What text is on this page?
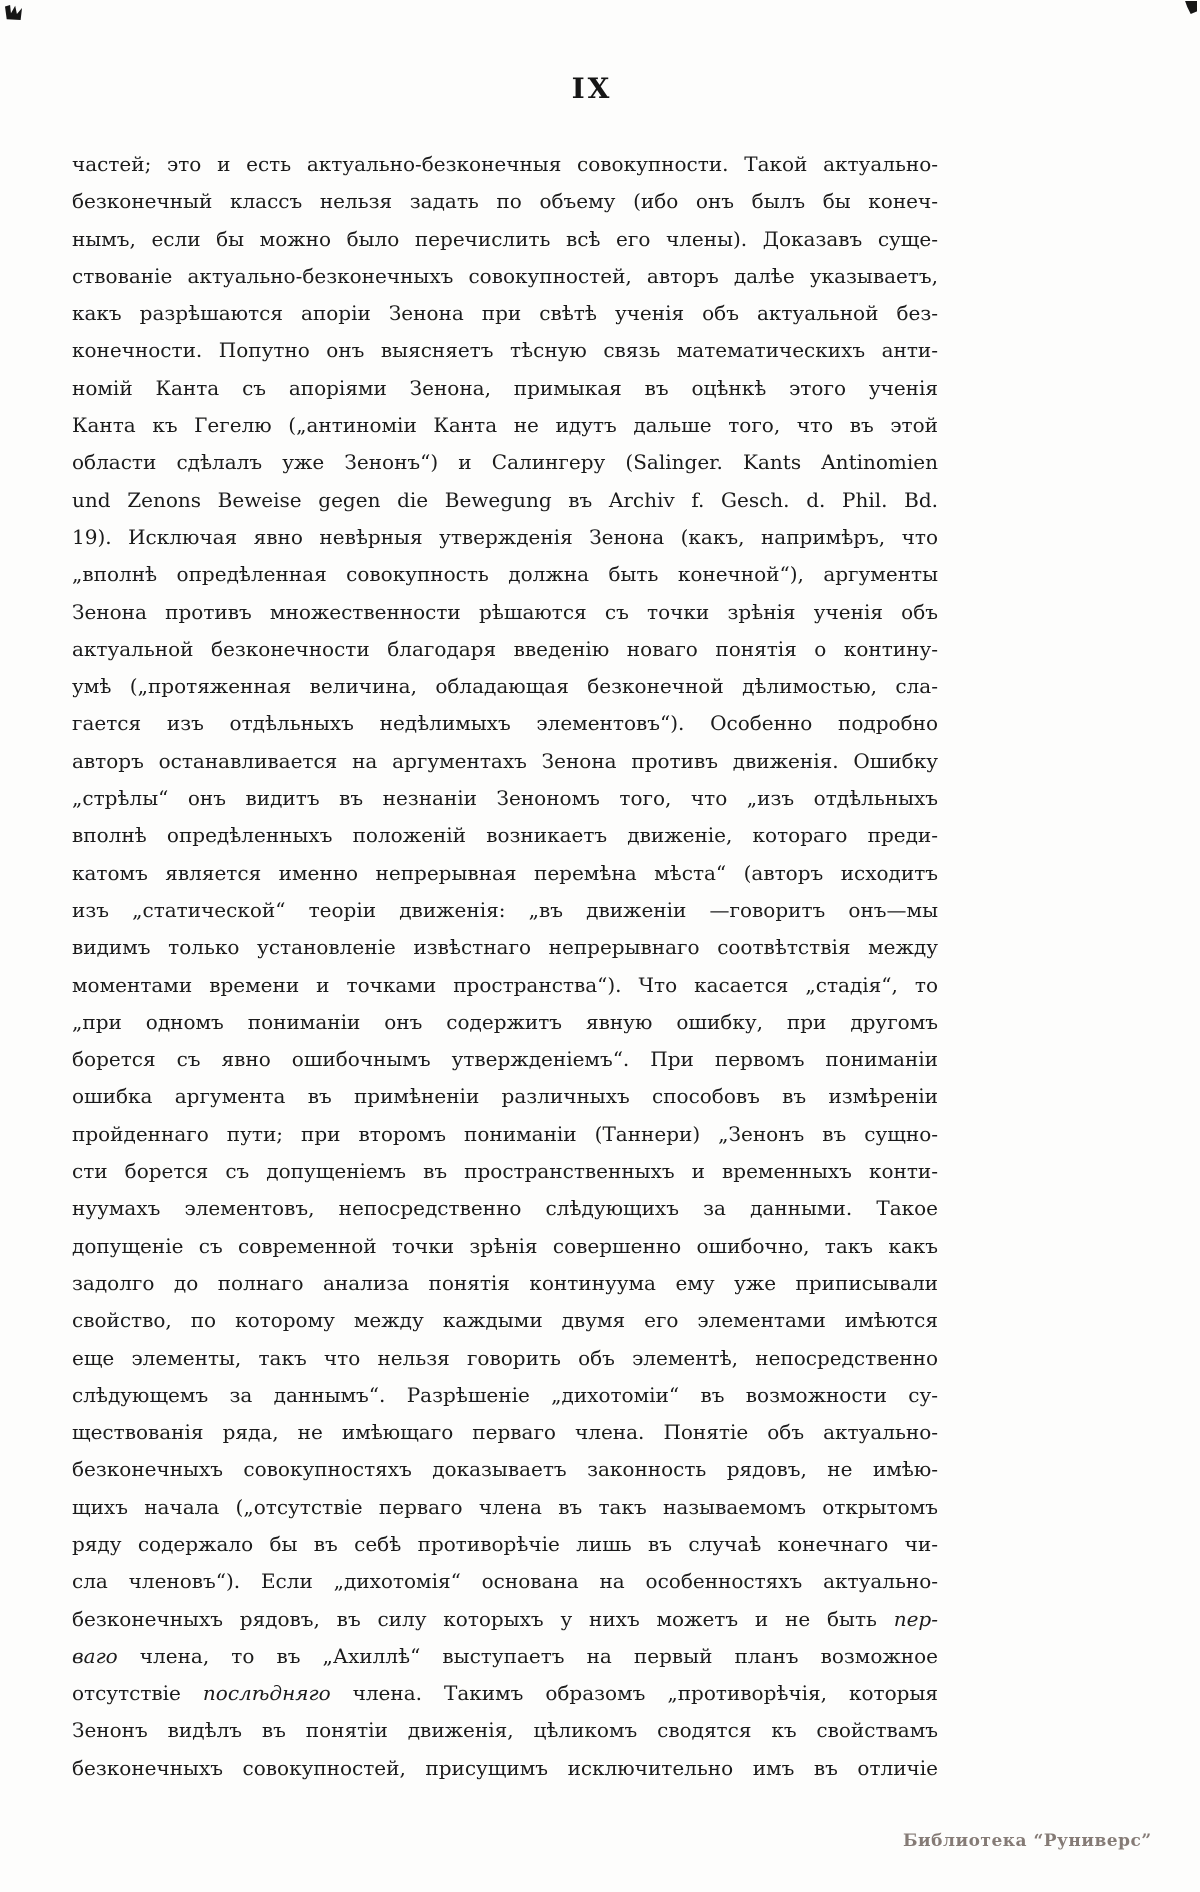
IX
частей; это и есть актуально-безконечныя совокупности. Такой актуально-
безконечный классъ нельзя задать по объему (ибо онъ былъ бы конеч-
нымъ, если бы можно было перечислить всѣ его члены). Доказавъ суще-
ствованіе актуально-безконечныхъ совокупностей, авторъ далѣе указываетъ,
какъ разрѣшаются апоріи Зенона при свѣтѣ ученія объ актуальной без-
конечности. Попутно онъ выясняетъ тѣсную связь математическихъ анти-
номій Канта съ апоріями Зенона, примыкая въ оцѣнкѣ этого ученія
Канта къ Гегелю („антиноміи Канта не идутъ дальше того, что въ этой
области сдѣлалъ уже Зенонъ“) и Салингеру (Salinger. Kants Antinomien
und Zenons Beweise gegen die Bewegung въ Archiv f. Gesch. d. Phil. Bd.
19). Исключая явно невѣрныя утвержденія Зенона (какъ, напримѣръ, что
„вполнѣ опредѣленная совокупность должна быть конечной“), аргументы
Зенона противъ множественности рѣшаются съ точки зрѣнія ученія объ
актуальной безконечности благодаря введенію новаго понятія о контину-
умѣ („протяженная величина, обладающая безконечной дѣлимостью, сла-
гается изъ отдѣльныхъ недѣлимыхъ элементовъ“). Особенно подробно
авторъ останавливается на аргументахъ Зенона противъ движенія. Ошибку
„стрѣлы“ онъ видитъ въ незнаніи Зенономъ того, что „изъ отдѣльныхъ
вполнѣ опредѣленныхъ положеній возникаетъ движеніе, котораго преди-
катомъ является именно непрерывная перемѣна мѣста“ (авторъ исходитъ
изъ „статической“ теоріи движенія: „въ движеніи —говоритъ онъ—мы
видимъ только установленіе извѣстнаго непрерывнаго соотвѣтствія между
моментами времени и точками пространства“). Что касается „стадія“, то
„при одномъ пониманіи онъ содержитъ явную ошибку, при другомъ
борется съ явно ошибочнымъ утвержденіемъ“. При первомъ пониманіи
ошибка аргумента въ примѣненіи различныхъ способовъ въ измѣреніи
пройденнаго пути; при второмъ пониманіи (Таннери) „Зенонъ въ сущно-
сти борется съ допущеніемъ въ пространственныхъ и временныхъ конти-
нуумахъ элементовъ, непосредственно слѣдующихъ за данными. Такое
допущеніе съ современной точки зрѣнія совершенно ошибочно, такъ какъ
задолго до полнаго анализа понятія континуума ему уже приписывали
свойство, по которому между каждыми двумя его элементами имѣются
еще элементы, такъ что нельзя говорить объ элементѣ, непосредственно
слѣдующемъ за даннымъ“. Разрѣшеніе „дихотоміи“ въ возможности су-
ществованія ряда, не имѣющаго перваго члена. Понятіе объ актуально-
безконечныхъ совокупностяхъ доказываетъ законность рядовъ, не имѣю-
щихъ начала („отсутствіе перваго члена въ такъ называемомъ открытомъ
ряду содержало бы въ себѣ противорѣчіе лишь въ случаѣ конечнаго чи-
сла членовъ“). Если „дихотомія“ основана на особенностяхъ актуально-
безконечныхъ рядовъ, въ силу которыхъ у нихъ можетъ и не быть пер-
ваго члена, то въ „Ахиллѣ“ выступаетъ на первый планъ возможное
отсутствіе послѣдняго члена. Такимъ образомъ „противорѣчія, которыя
Зенонъ видѣлъ въ понятіи движенія, цѣликомъ сводятся къ свойствамъ
безконечныхъ совокупностей, присущимъ исключительно имъ въ отличіе
Библиотека “Руниверс”
